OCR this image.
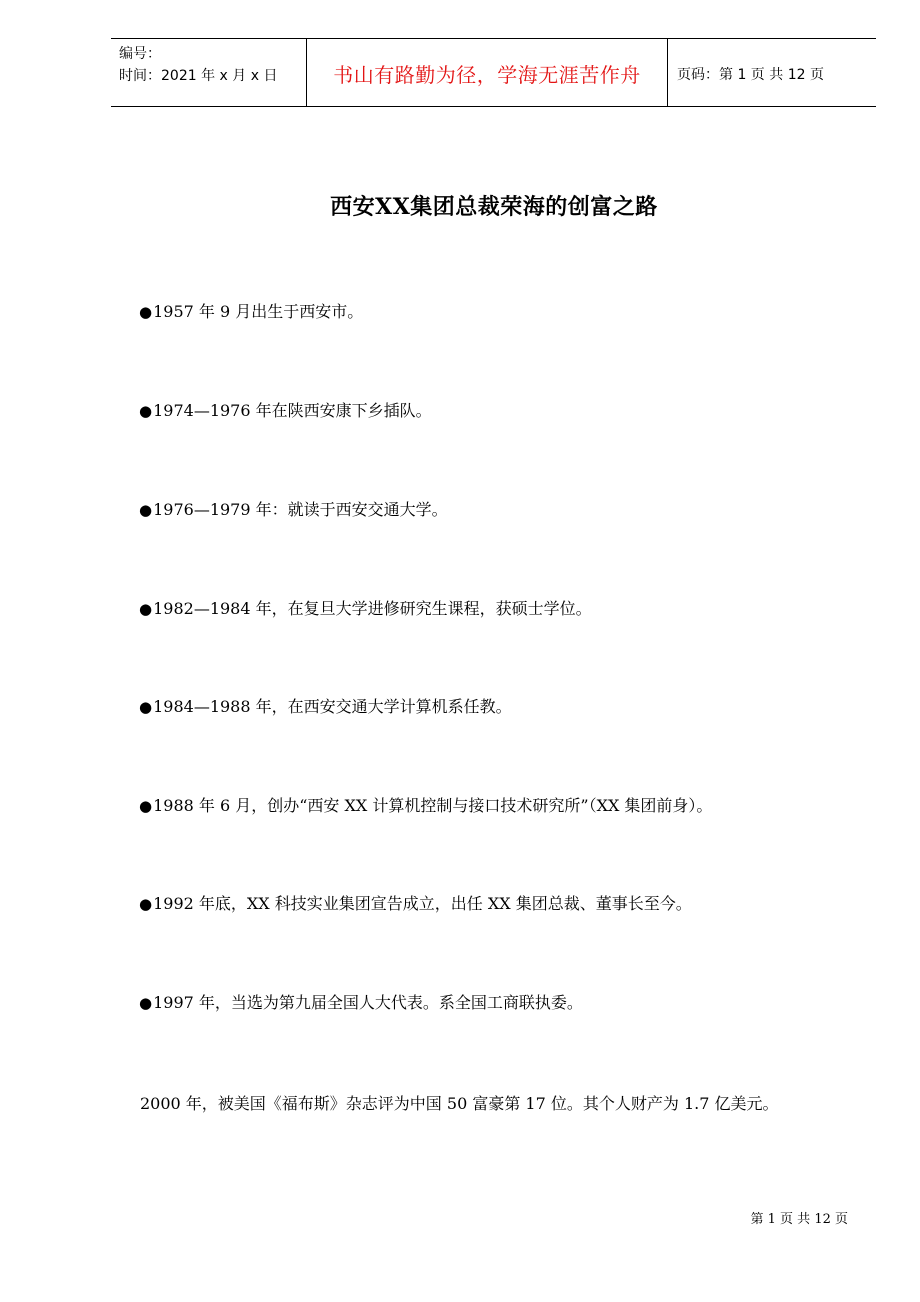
编号：
时间：2021 年 x 月 x 日	书山有路勤为径，学海无涯苦作舟	页码：第 1 页 共 12 页
西安XX集团总裁荣海的创富之路
●1957 年 9 月出生于西安市。
●1974—1976 年在陕西安康下乡插队。
●1976—1979 年：就读于西安交通大学。
●1982—1984 年，在复旦大学进修研究生课程，获硕士学位。
●1984—1988 年，在西安交通大学计算机系任教。
●1988 年 6 月，创办“西安 XX 计算机控制与接口技术研究所”（XX 集团前身）。
●1992 年底，XX 科技实业集团宣告成立，出任 XX 集团总裁、董事长至今。
●1997 年，当选为第九届全国人大代表。系全国工商联执委。
2000 年，被美国《福布斯》杂志评为中国 50 富豪第 17 位。其个人财产为 1.7 亿美元。
第 1 页 共 12 页
